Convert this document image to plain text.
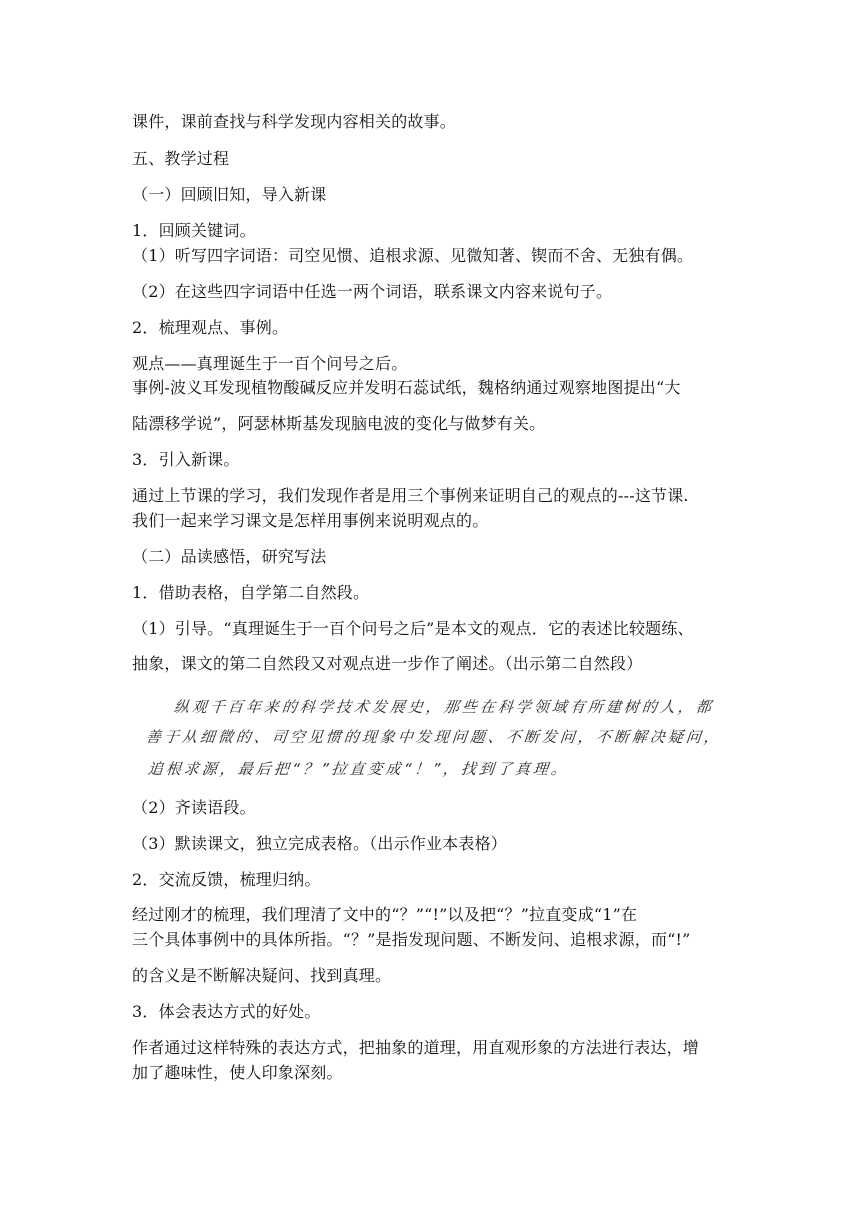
课件，课前查找与科学发现内容相关的故事。
五、教学过程
（一）回顾旧知，导入新课
1．回顾关键词。
（1）听写四字词语：司空见惯、追根求源、见微知著、锲而不舍、无独有偶。
（2）在这些四字词语中任选一两个词语，联系课文内容来说句子。
2．梳理观点、事例。
观点——真理诞生于一百个问号之后。
事例-波义耳发现植物酸碱反应并发明石蕊试纸，魏格纳通过观察地图提出“大
陆漂移学说”，阿瑟林斯基发现脑电波的变化与做梦有关。
3．引入新课。
通过上节课的学习，我们发现作者是用三个事例来证明自己的观点的---这节课.
我们一起来学习课文是怎样用事例来说明观点的。
（二）品读感悟，研究写法
1．借助表格，自学第二自然段。
（1）引导。“真理诞生于一百个问号之后”是本文的观点．它的表述比较题练、
抽象，课文的第二自然段又对观点进一步作了阐述。（出示第二自然段）
纵观千百年来的科学技术发展史，那些在科学领域有所建树的人，都
善于从细微的、司空见惯的现象中发现问题、不断发问，不断解决疑问，
追根求源，最后把“？”拉直变成“！”，找到了真理。
（2）齐读语段。
（3）默读课文，独立完成表格。（出示作业本表格）
2．交流反馈，梳理归纳。
经过刚才的梳理，我们理清了文中的“？”“!”以及把“？”拉直变成“1”在
三个具体事例中的具体所指。“？”是指发现问题、不断发问、追根求源，而“!”
的含义是不断解决疑问、找到真理。
3．体会表达方式的好处。
作者通过这样特殊的表达方式，把抽象的道理，用直观形象的方法进行表达，增
加了趣味性，使人印象深刻。
